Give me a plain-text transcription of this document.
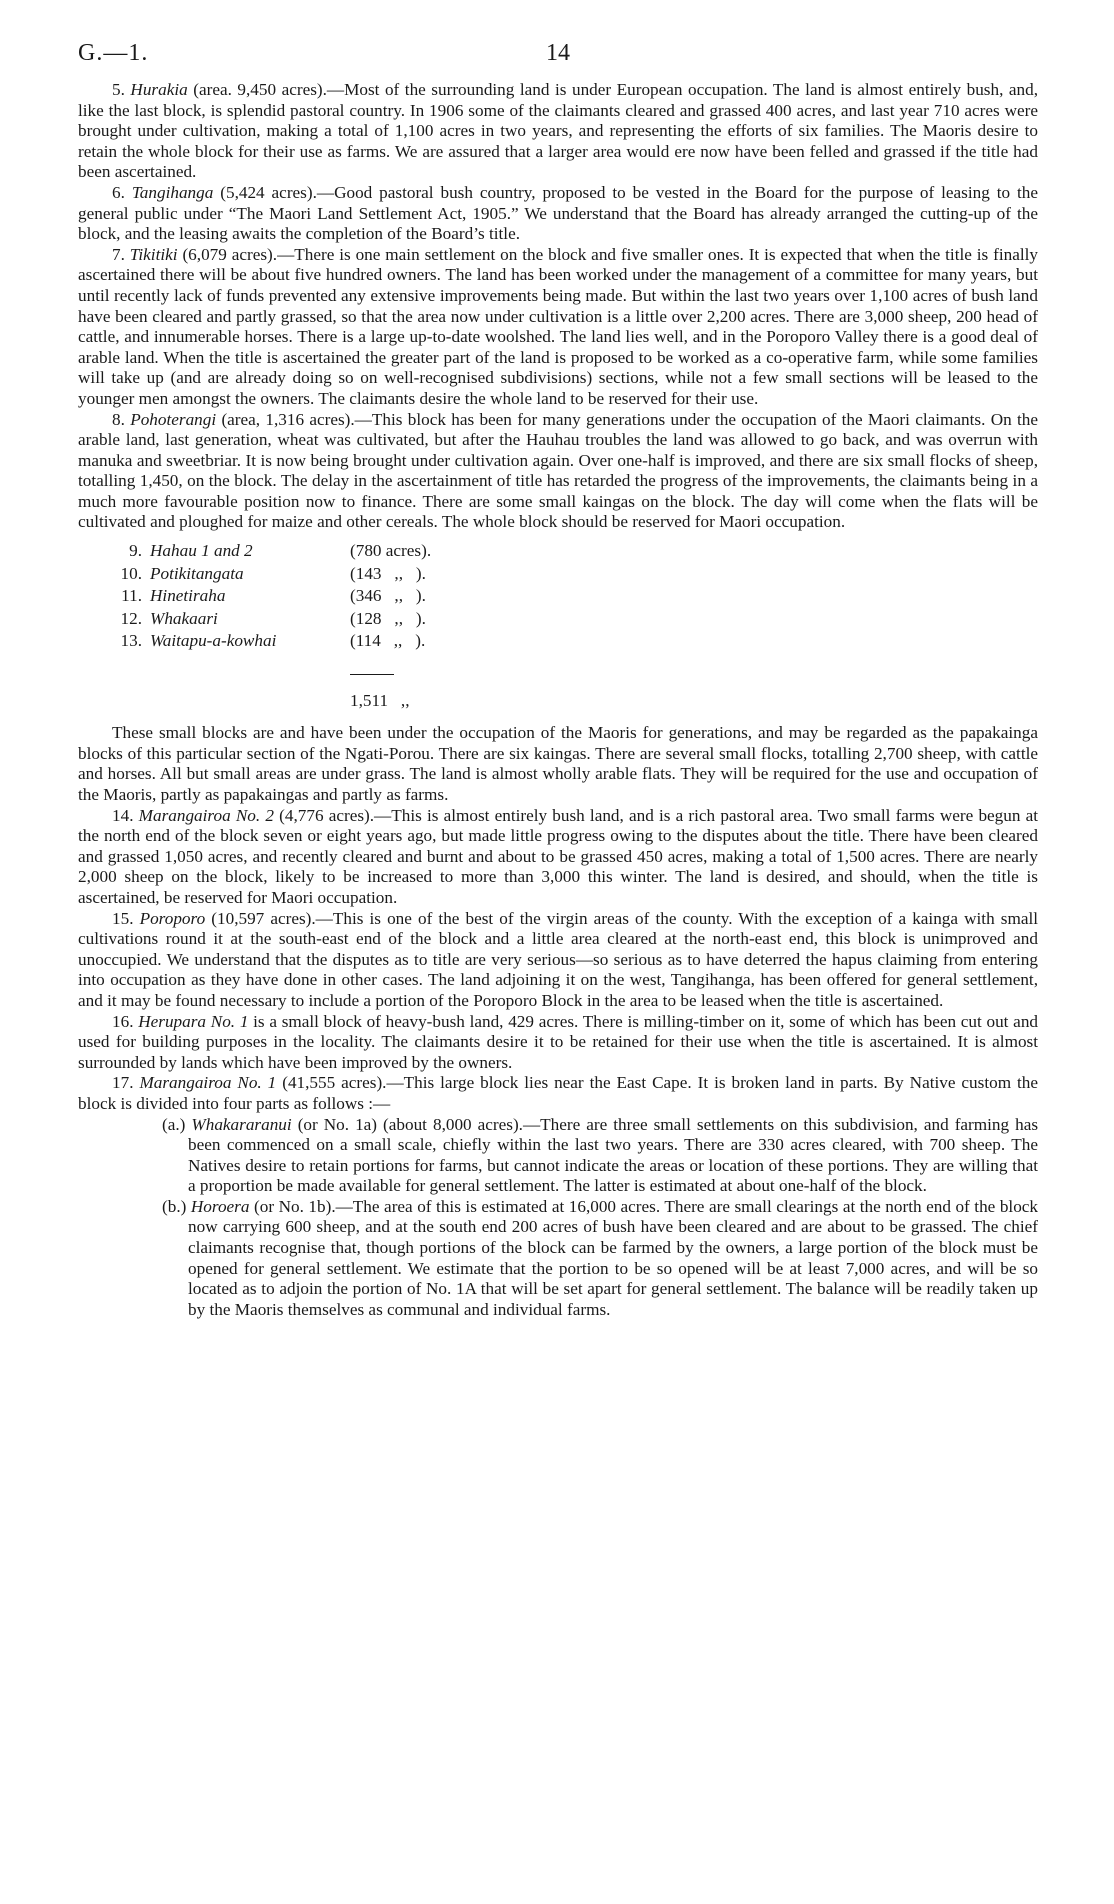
G.—1.	14

5. Hurakia (area. 9,450 acres).—Most of the surrounding land is under European occupation. The land is almost entirely bush, and, like the last block, is splendid pastoral country. In 1906 some of the claimants cleared and grassed 400 acres, and last year 710 acres were brought under cultivation, making a total of 1,100 acres in two years, and representing the efforts of six families. The Maoris desire to retain the whole block for their use as farms. We are assured that a larger area would ere now have been felled and grassed if the title had been ascertained.

6. Tangihanga (5,424 acres).—Good pastoral bush country, proposed to be vested in the Board for the purpose of leasing to the general public under “The Maori Land Settlement Act, 1905.” We understand that the Board has already arranged the cutting-up of the block, and the leasing awaits the completion of the Board’s title.

7. Tikitiki (6,079 acres).—There is one main settlement on the block and five smaller ones. It is expected that when the title is finally ascertained there will be about five hundred owners. The land has been worked under the management of a committee for many years, but until recently lack of funds prevented any extensive improvements being made. But within the last two years over 1,100 acres of bush land have been cleared and partly grassed, so that the area now under cultivation is a little over 2,200 acres. There are 3,000 sheep, 200 head of cattle, and innumerable horses. There is a large up-to-date woolshed. The land lies well, and in the Poroporo Valley there is a good deal of arable land. When the title is ascertained the greater part of the land is proposed to be worked as a co-operative farm, while some families will take up (and are already doing so on well-recognised subdivisions) sections, while not a few small sections will be leased to the younger men amongst the owners. The claimants desire the whole land to be reserved for their use.

8. Pohoterangi (area, 1,316 acres).—This block has been for many generations under the occupation of the Maori claimants. On the arable land, last generation, wheat was cultivated, but after the Hauhau troubles the land was allowed to go back, and was overrun with manuka and sweetbriar. It is now being brought under cultivation again. Over one-half is improved, and there are six small flocks of sheep, totalling 1,450, on the block. The delay in the ascertainment of title has retarded the progress of the improvements, the claimants being in a much more favourable position now to finance. There are some small kaingas on the block. The day will come when the flats will be cultivated and ploughed for maize and other cereals. The whole block should be reserved for Maori occupation.

9.	Hahau 1 and 2	(780 acres).
10.	Potikitangata	(143   ,,   ).
11.	Hinetiraha	(346   ,,   ).
12.	Whakaari	(128   ,,   ).
13.	Waitapu-a-kowhai	(114   ,,   ).

1,511   ,,

These small blocks are and have been under the occupation of the Maoris for generations, and may be regarded as the papakainga blocks of this particular section of the Ngati-Porou. There are six kaingas. There are several small flocks, totalling 2,700 sheep, with cattle and horses. All but small areas are under grass. The land is almost wholly arable flats. They will be required for the use and occupation of the Maoris, partly as papakaingas and partly as farms.

14. Marangairoa No. 2 (4,776 acres).—This is almost entirely bush land, and is a rich pastoral area. Two small farms were begun at the north end of the block seven or eight years ago, but made little progress owing to the disputes about the title. There have been cleared and grassed 1,050 acres, and recently cleared and burnt and about to be grassed 450 acres, making a total of 1,500 acres. There are nearly 2,000 sheep on the block, likely to be increased to more than 3,000 this winter. The land is desired, and should, when the title is ascertained, be reserved for Maori occupation.

15. Poroporo (10,597 acres).—This is one of the best of the virgin areas of the county. With the exception of a kainga with small cultivations round it at the south-east end of the block and a little area cleared at the north-east end, this block is unimproved and unoccupied. We understand that the disputes as to title are very serious—so serious as to have deterred the hapus claiming from entering into occupation as they have done in other cases. The land adjoining it on the west, Tangihanga, has been offered for general settlement, and it may be found necessary to include a portion of the Poroporo Block in the area to be leased when the title is ascertained.

16. Herupara No. 1 is a small block of heavy-bush land, 429 acres. There is milling-timber on it, some of which has been cut out and used for building purposes in the locality. The claimants desire it to be retained for their use when the title is ascertained. It is almost surrounded by lands which have been improved by the owners.

17. Marangairoa No. 1 (41,555 acres).—This large block lies near the East Cape. It is broken land in parts. By Native custom the block is divided into four parts as follows :—

(a.) Whakararanui (or No. 1a) (about 8,000 acres).—There are three small settlements on this subdivision, and farming has been commenced on a small scale, chiefly within the last two years. There are 330 acres cleared, with 700 sheep. The Natives desire to retain portions for farms, but cannot indicate the areas or location of these portions. They are willing that a proportion be made available for general settlement. The latter is estimated at about one-half of the block.

(b.) Horoera (or No. 1b).—The area of this is estimated at 16,000 acres. There are small clearings at the north end of the block now carrying 600 sheep, and at the south end 200 acres of bush have been cleared and are about to be grassed. The chief claimants recognise that, though portions of the block can be farmed by the owners, a large portion of the block must be opened for general settlement. We estimate that the portion to be so opened will be at least 7,000 acres, and will be so located as to adjoin the portion of No. 1A that will be set apart for general settlement. The balance will be readily taken up by the Maoris themselves as communal and individual farms.
